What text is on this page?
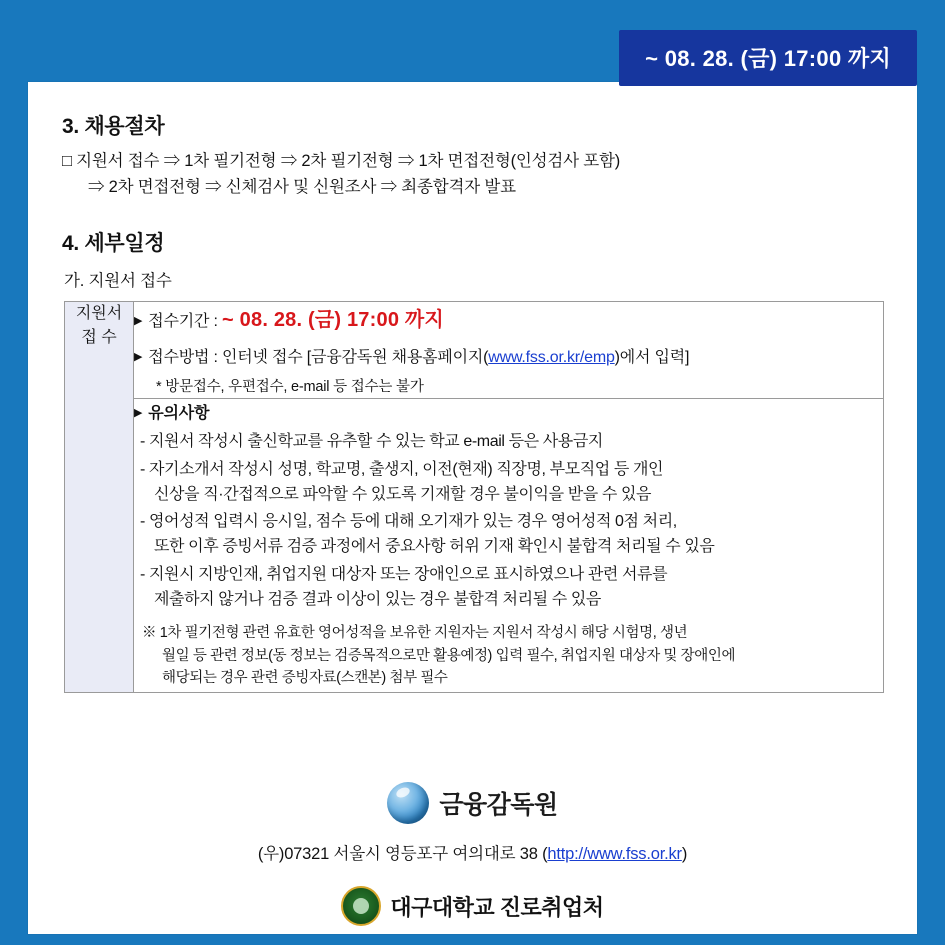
~ 08. 28. (금) 17:00 까지
3. 채용절차

□ 지원서 접수 ⇒ 1차 필기전형 ⇒ 2차 필기전형 ⇒ 1차 면접전형(인성검사 포함)
⇒ 2차 면접전형 ⇒ 신체검사 및 신원조사 ⇒ 최종합격자 발표

4. 세부일정
가. 지원서 접수
지원서
접 수

▶ 접수기간 : ~ 08. 28. (금) 17:00 까지
▶ 접수방법 : 인터넷 접수 [금융감독원 채용홈페이지(www.fss.or.kr/emp)에서 입력]
* 방문접수, 우편접수, e-mail 등 접수는 불가

▶ 유의사항
- 지원서 작성시 출신학교를 유추할 수 있는 학교 e-mail 등은 사용금지
- 자기소개서 작성시 성명, 학교명, 출생지, 이전(현재) 직장명, 부모직업 등 개인
신상을 직·간접적으로 파악할 수 있도록 기재할 경우 불이익을 받을 수 있음
- 영어성적 입력시 응시일, 점수 등에 대해 오기재가 있는 경우 영어성적 0점 처리,
또한 이후 증빙서류 검증 과정에서 중요사항 허위 기재 확인시 불합격 처리될 수 있음
- 지원시 지방인재, 취업지원 대상자 또는 장애인으로 표시하였으나 관련 서류를
제출하지 않거나 검증 결과 이상이 있는 경우 불합격 처리될 수 있음
※ 1차 필기전형 관련 유효한 영어성적을 보유한 지원자는 지원서 작성시 해당 시험명, 생년
월일 등 관련 정보(동 정보는 검증목적으로만 활용예정) 입력 필수, 취업지원 대상자 및 장애인에
해당되는 경우 관련 증빙자료(스캔본) 첨부 필수
금융감독원
(우)07321 서울시 영등포구 여의대로 38 (http://www.fss.or.kr)
대구대학교 진로취업처
